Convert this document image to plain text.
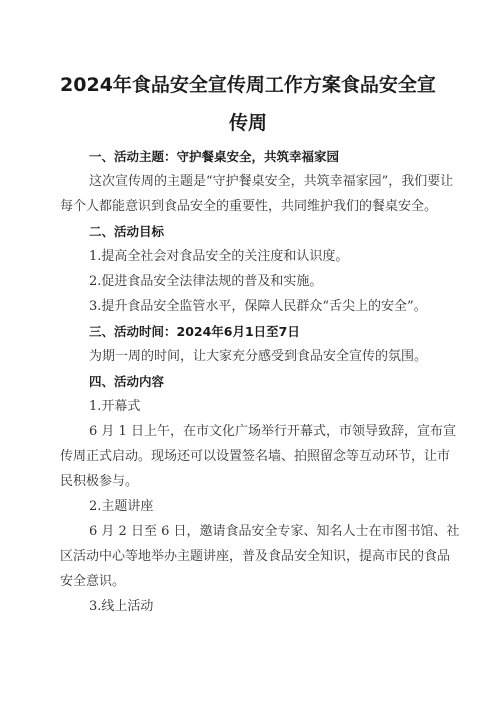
2024年食品安全宣传周工作方案食品安全宣
传周

一、活动主题：守护餐桌安全，共筑幸福家园

这次宣传周的主题是“守护餐桌安全，共筑幸福家园”，我们要让

每个人都能意识到食品安全的重要性，共同维护我们的餐桌安全。

二、活动目标

1.提高全社会对食品安全的关注度和认识度。

2.促进食品安全法律法规的普及和实施。

3.提升食品安全监管水平，保障人民群众“舌尖上的安全”。

三、活动时间：2024年6月1日至7日

为期一周的时间，让大家充分感受到食品安全宣传的氛围。

四、活动内容

1.开幕式

6 月 1 日上午，在市文化广场举行开幕式，市领导致辞，宣布宣

传周正式启动。现场还可以设置签名墙、拍照留念等互动环节，让市

民积极参与。

2.主题讲座

6 月 2 日至 6 日，邀请食品安全专家、知名人士在市图书馆、社

区活动中心等地举办主题讲座，普及食品安全知识，提高市民的食品

安全意识。

3.线上活动
